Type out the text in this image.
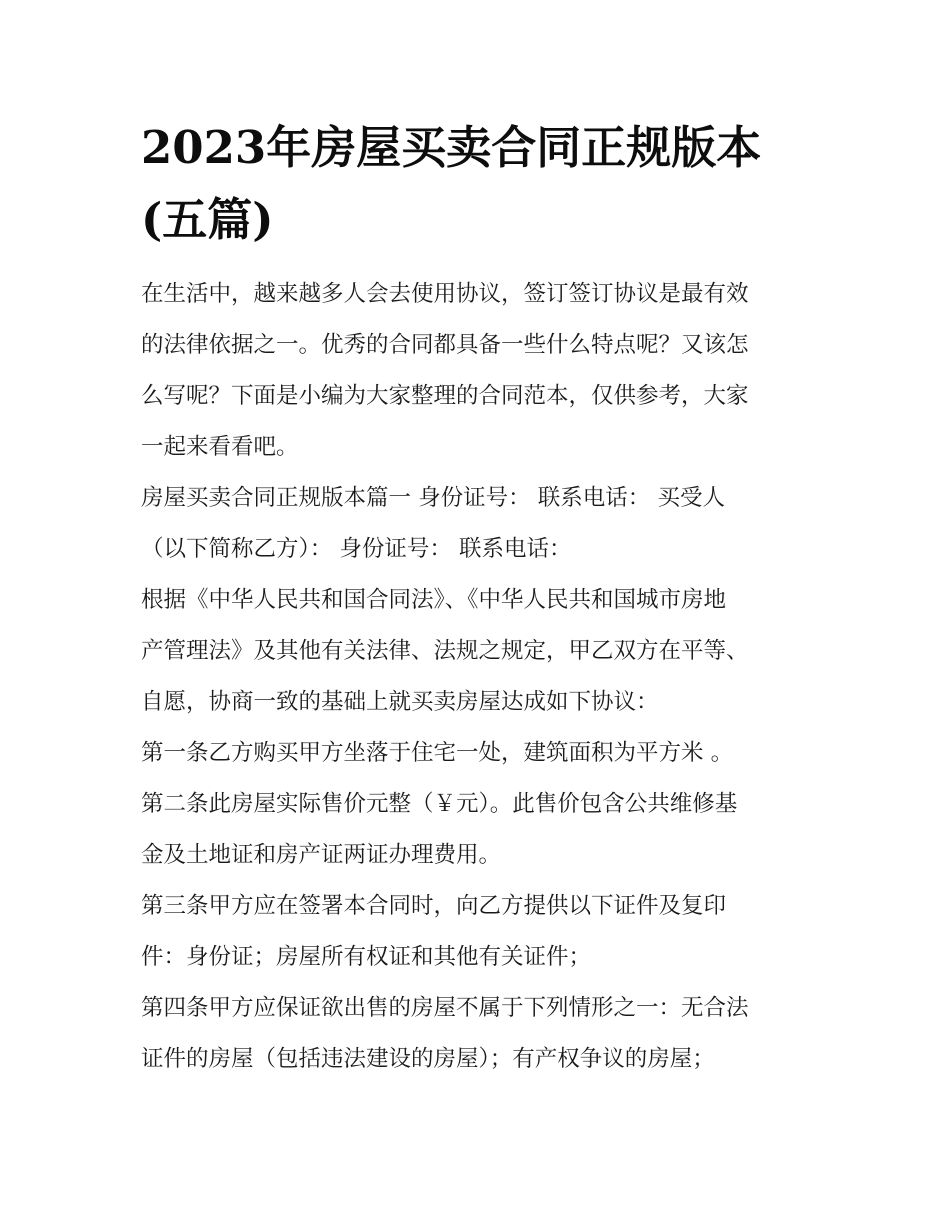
2023年房屋买卖合同正规版本
(五篇)
在生活中，越来越多人会去使用协议，签订签订协议是最有效
的法律依据之一。优秀的合同都具备一些什么特点呢？又该怎
么写呢？下面是小编为大家整理的合同范本，仅供参考，大家
一起来看看吧。
房屋买卖合同正规版本篇一 身份证号： 联系电话： 买受人
（以下简称乙方）： 身份证号： 联系电话：
根据《中华人民共和国合同法》、《中华人民共和国城市房地
产管理法》及其他有关法律、法规之规定，甲乙双方在平等、
自愿，协商一致的基础上就买卖房屋达成如下协议：
第一条乙方购买甲方坐落于住宅一处，建筑面积为平方米 。
第二条此房屋实际售价元整（￥元）。此售价包含公共维修基
金及土地证和房产证两证办理费用。
第三条甲方应在签署本合同时，向乙方提供以下证件及复印
件：身份证；房屋所有权证和其他有关证件；
第四条甲方应保证欲出售的房屋不属于下列情形之一：无合法
证件的房屋（包括违法建设的房屋）；有产权争议的房屋；
